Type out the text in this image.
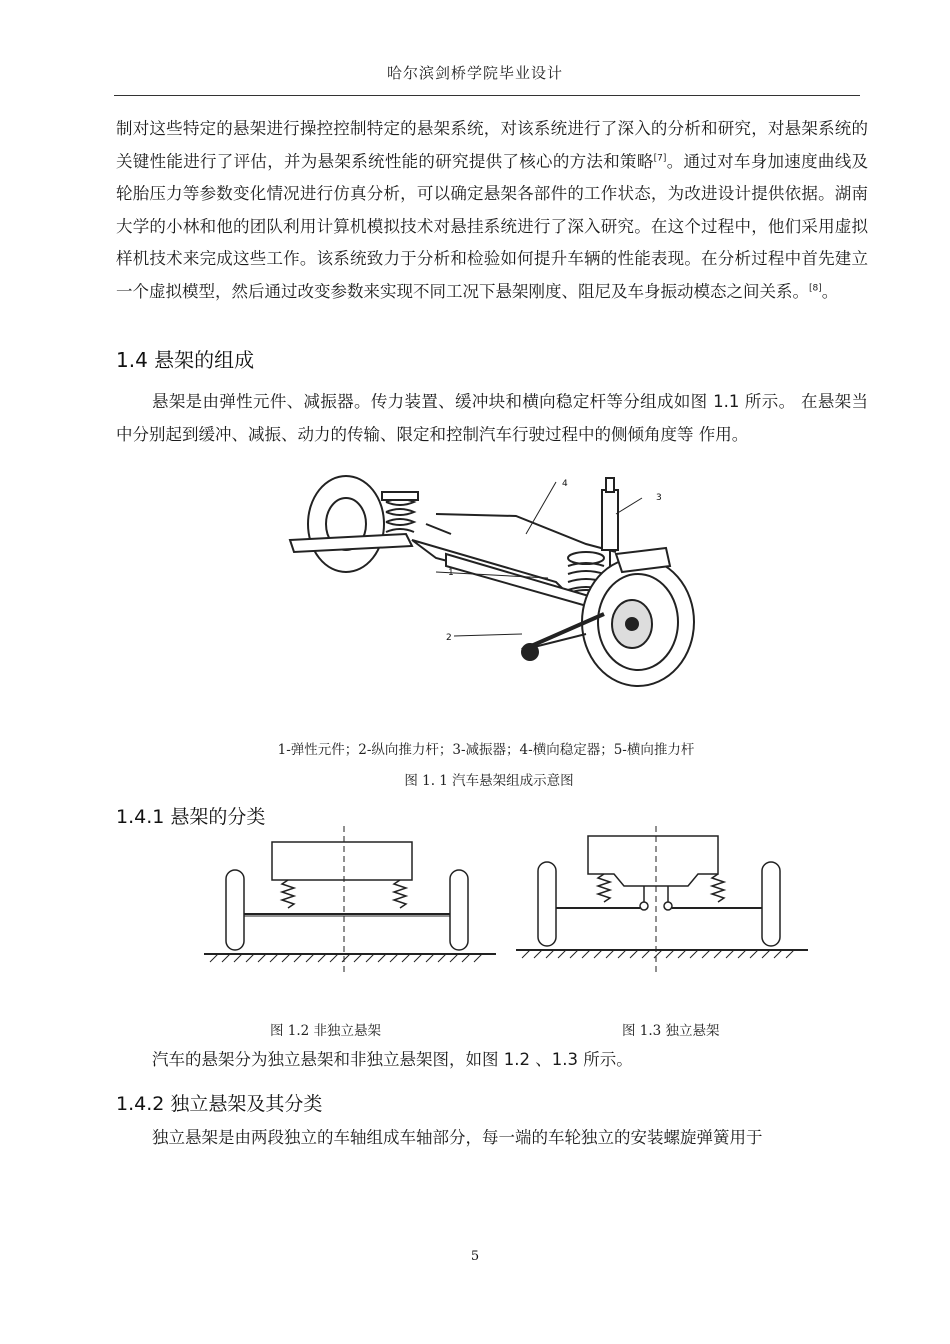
哈尔滨剑桥学院毕业设计
制对这些特定的悬架进行操控控制特定的悬架系统，对该系统进行了深入的分析和研究，对悬架系统的关键性能进行了评估，并为悬架系统性能的研究提供了核心的方法和策略[7]。通过对车身加速度曲线及轮胎压力等参数变化情况进行仿真分析，可以确定悬架各部件的工作状态，为改进设计提供依据。湖南大学的小林和他的团队利用计算机模拟技术对悬挂系统进行了深入研究。在这个过程中，他们采用虚拟样机技术来完成这些工作。该系统致力于分析和检验如何提升车辆的性能表现。在分析过程中首先建立一个虚拟模型，然后通过改变参数来实现不同工况下悬架刚度、阻尼及车身振动模态之间关系。[8]。
1.4 悬架的组成
悬架是由弹性元件、减振器。传力装置、缓冲块和横向稳定杆等分组成如图 1.1 所示。 在悬架当中分别起到缓冲、减振、动力的传输、限定和控制汽车行驶过程中的侧倾角度等 作用。
1
2
3
4
1-弹性元件；2-纵向推力杆；3-减振器；4-横向稳定器；5-横向推力杆
图 1. 1 汽车悬架组成示意图
1.4.1 悬架的分类
图 1.2 非独立悬架	图 1.3 独立悬架
汽车的悬架分为独立悬架和非独立悬架图，如图 1.2 、1.3 所示。
1.4.2 独立悬架及其分类
独立悬架是由两段独立的车轴组成车轴部分，每一端的车轮独立的安装螺旋弹簧用于
5
